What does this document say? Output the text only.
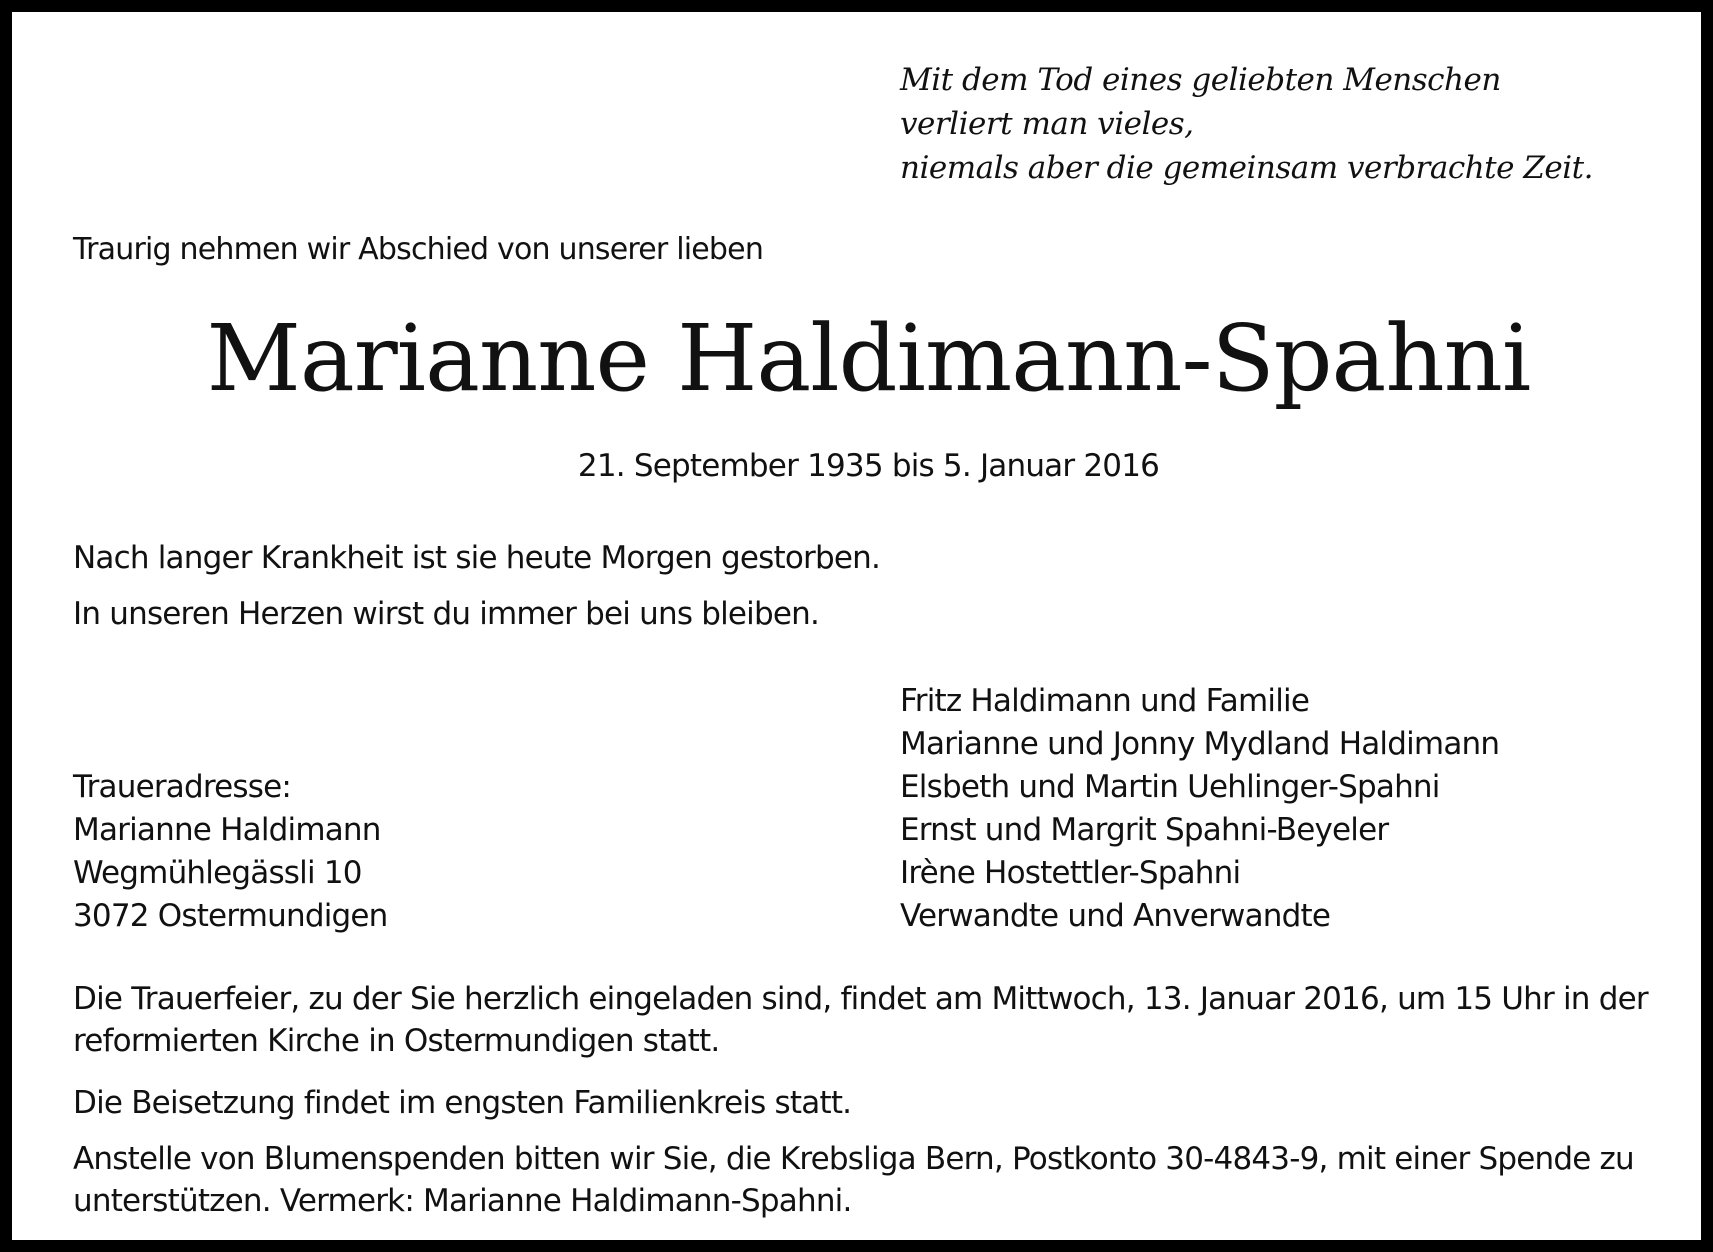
Mit dem Tod eines geliebten Menschen
verliert man vieles,
niemals aber die gemeinsam verbrachte Zeit.
Traurig nehmen wir Abschied von unserer lieben
Marianne Haldimann-Spahni
21. September 1935 bis 5. Januar 2016
Nach langer Krankheit ist sie heute Morgen gestorben.
In unseren Herzen wirst du immer bei uns bleiben.
Fritz Haldimann und Familie
Marianne und Jonny Mydland Haldimann
Elsbeth und Martin Uehlinger-Spahni
Ernst und Margrit Spahni-Beyeler
Irène Hostettler-Spahni
Verwandte und Anverwandte
Traueradresse:
Marianne Haldimann
Wegmühlegässli 10
3072 Ostermundigen
Die Trauerfeier, zu der Sie herzlich eingeladen sind, findet am Mittwoch, 13. Januar 2016, um 15 Uhr in der
reformierten Kirche in Ostermundigen statt.
Die Beisetzung findet im engsten Familienkreis statt.
Anstelle von Blumenspenden bitten wir Sie, die Krebsliga Bern, Postkonto 30-4843-9, mit einer Spende zu
unterstützen. Vermerk: Marianne Haldimann-Spahni.
